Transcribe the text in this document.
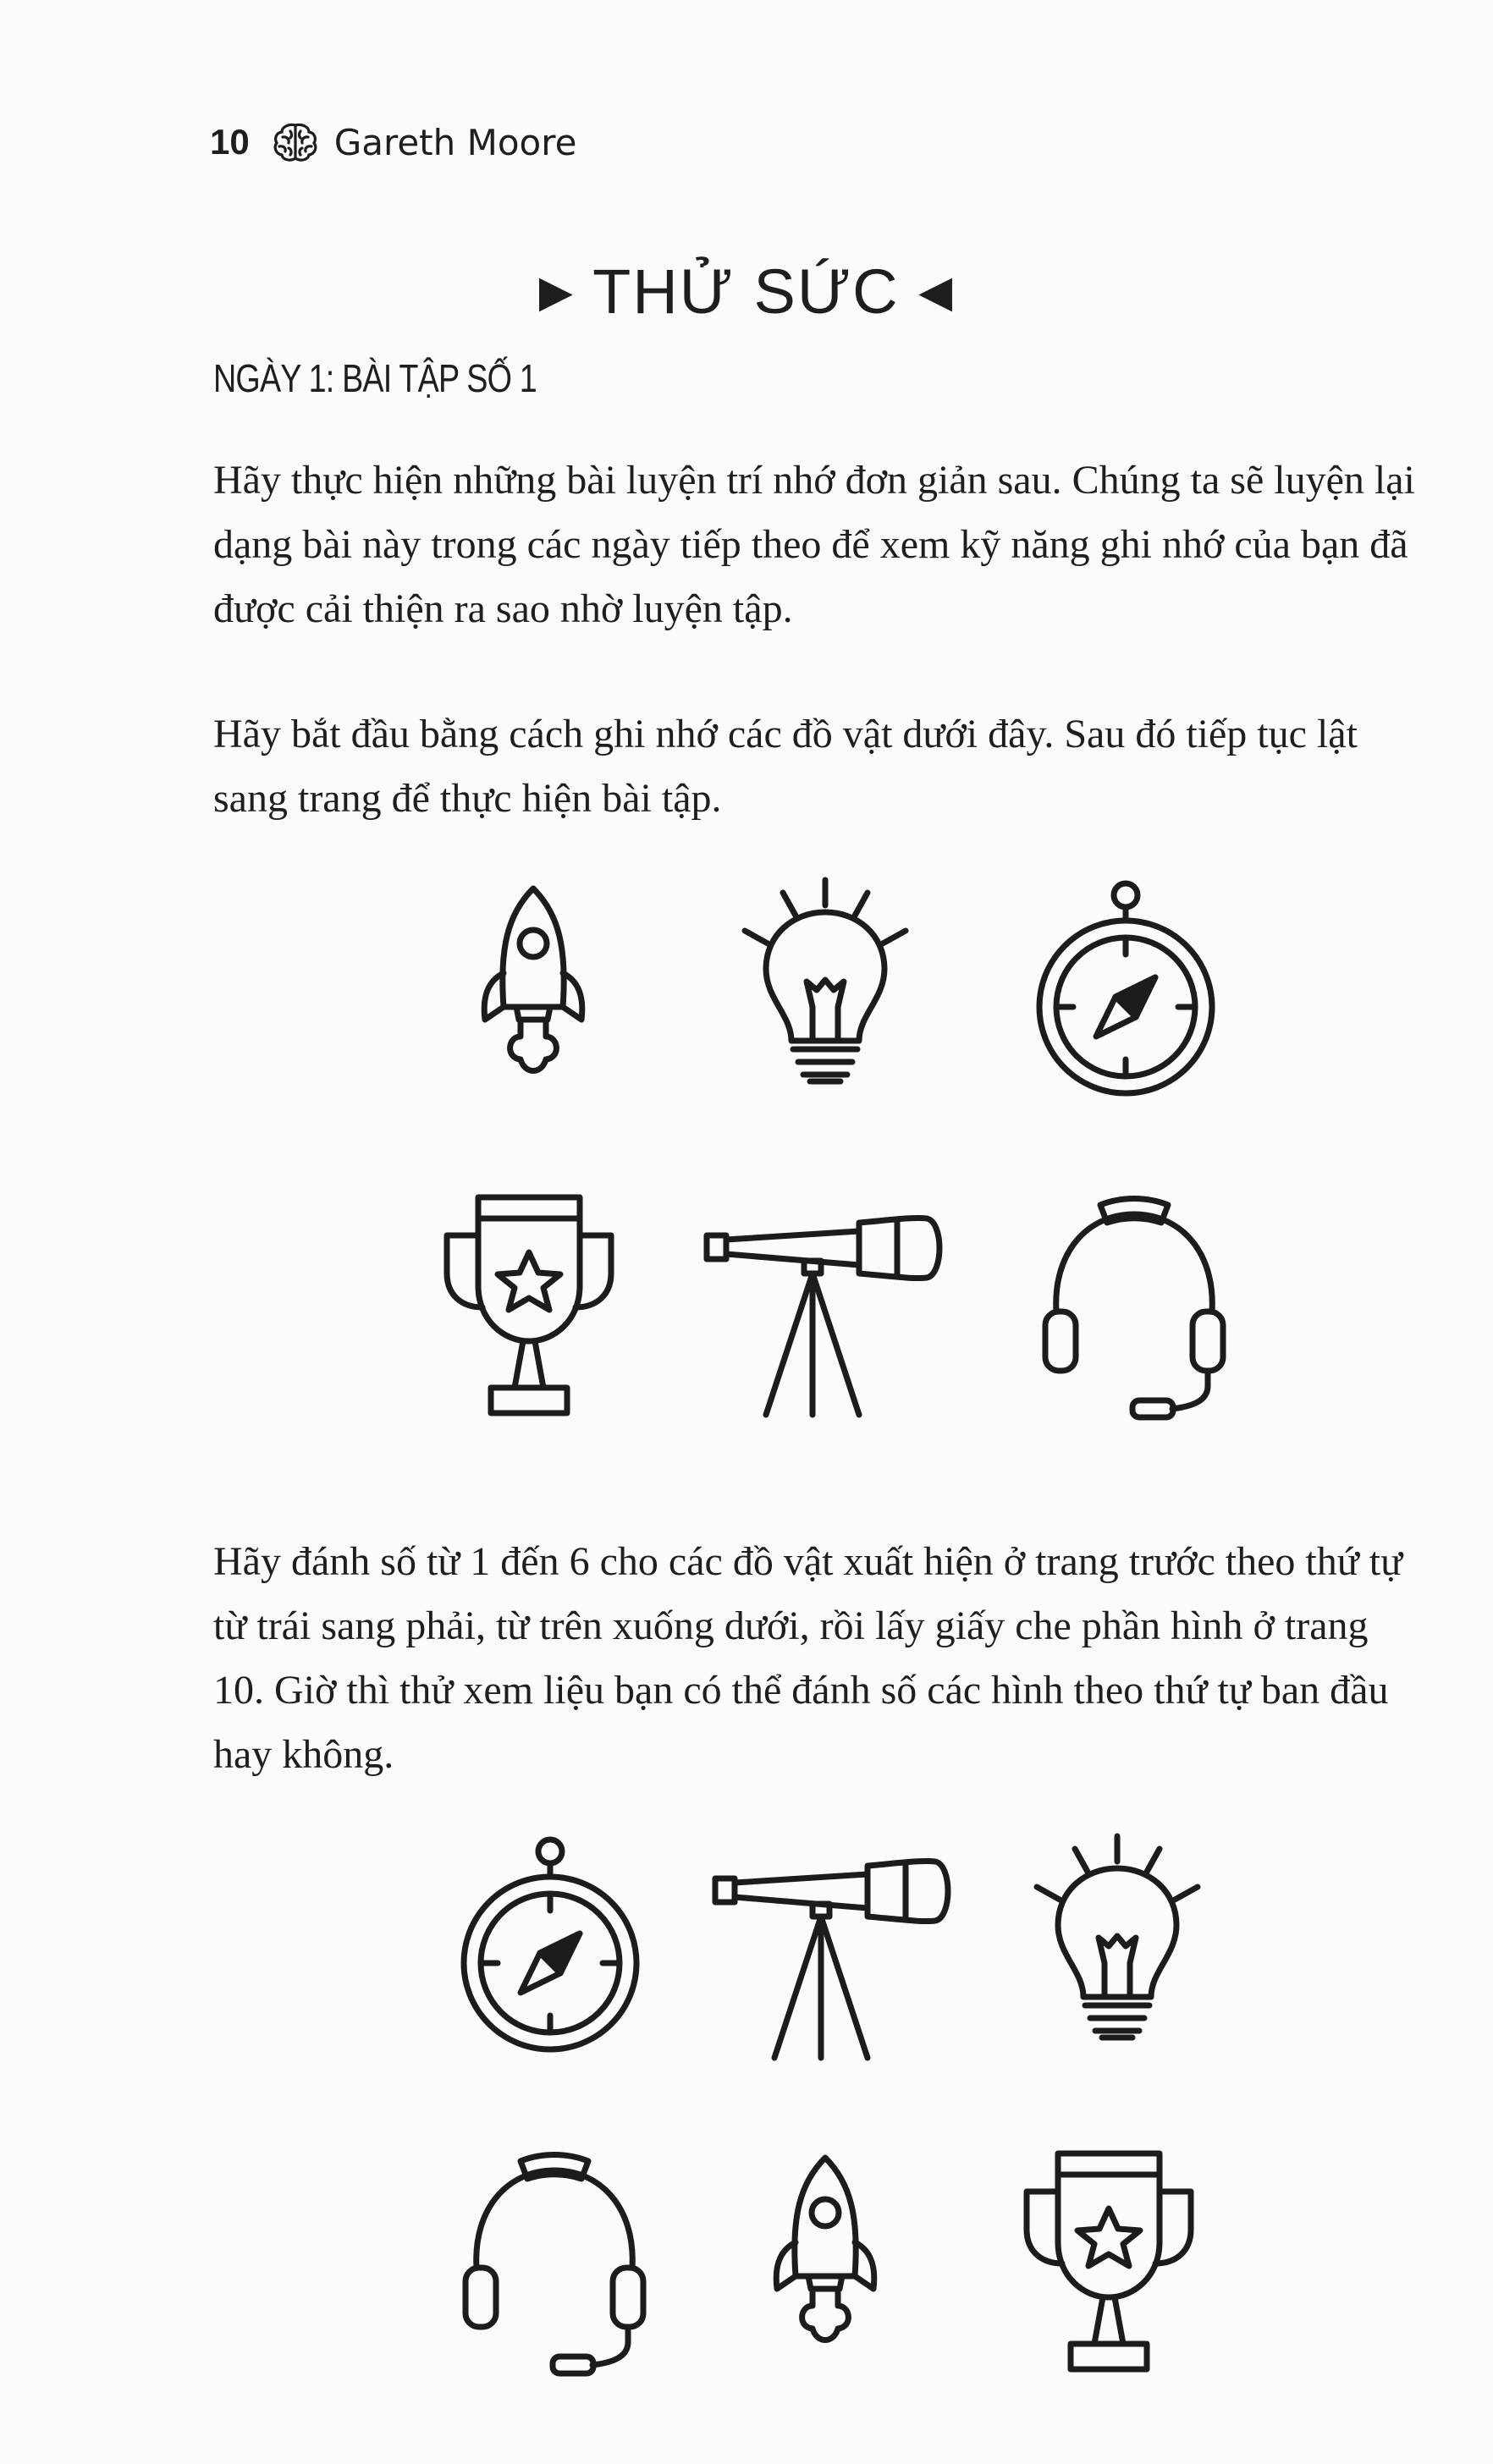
10 Gareth Moore
▶ THỬ SỨC ◀
NGÀY 1: BÀI TẬP SỐ 1
Hãy thực hiện những bài luyện trí nhớ đơn giản sau. Chúng ta sẽ luyện lại dạng bài này trong các ngày tiếp theo để xem kỹ năng ghi nhớ của bạn đã được cải thiện ra sao nhờ luyện tập.
Hãy bắt đầu bằng cách ghi nhớ các đồ vật dưới đây. Sau đó tiếp tục lật sang trang để thực hiện bài tập.
Hãy đánh số từ 1 đến 6 cho các đồ vật xuất hiện ở trang trước theo thứ tự từ trái sang phải, từ trên xuống dưới, rồi lấy giấy che phần hình ở trang 10. Giờ thì thử xem liệu bạn có thể đánh số các hình theo thứ tự ban đầu hay không.
